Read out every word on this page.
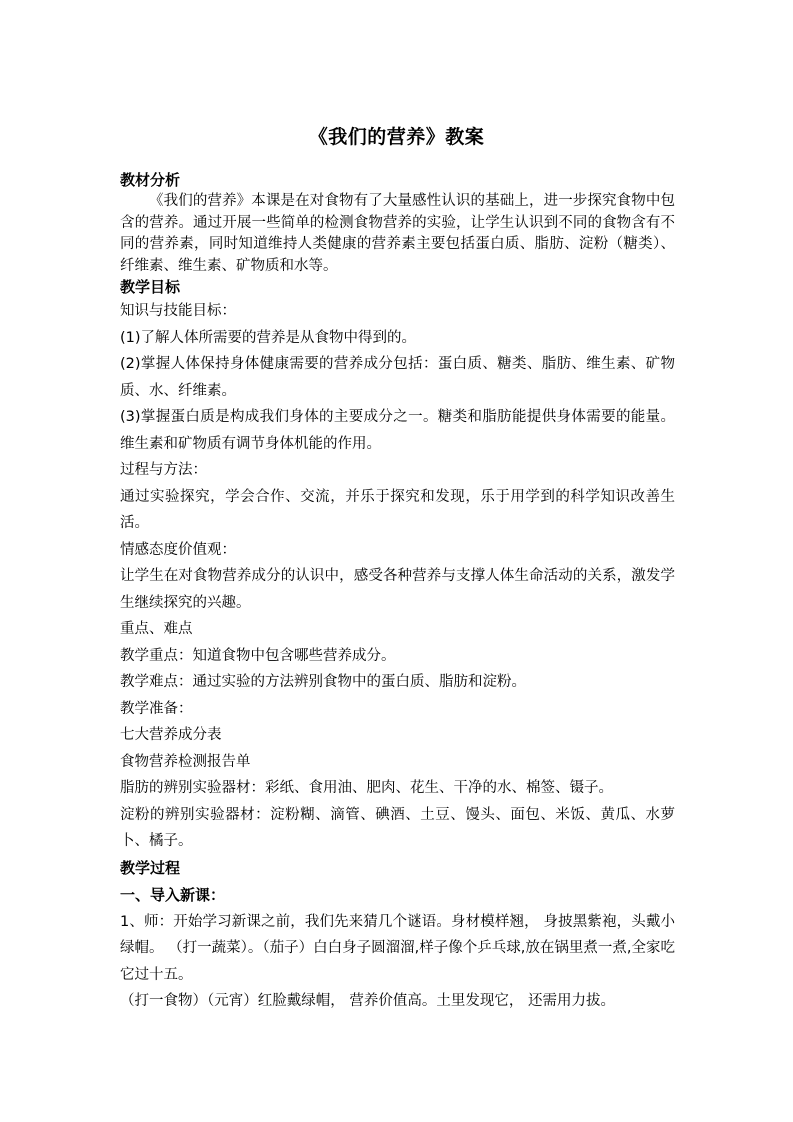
《我们的营养》教案

教材分析

《我们的营养》本课是在对食物有了大量感性认识的基础上，进一步探究食物中包含的营养。通过开展一些简单的检测食物营养的实验，让学生认识到不同的食物含有不同的营养素，同时知道维持人类健康的营养素主要包括蛋白质、脂肪、淀粉（糖类）、纤维素、维生素、矿物质和水等。

教学目标

知识与技能目标：

(1)了解人体所需要的营养是从食物中得到的。

(2)掌握人体保持身体健康需要的营养成分包括：蛋白质、糖类、脂肪、维生素、矿物质、水、纤维素。

(3)掌握蛋白质是构成我们身体的主要成分之一。糖类和脂肪能提供身体需要的能量。维生素和矿物质有调节身体机能的作用。

过程与方法：

通过实验探究，学会合作、交流，并乐于探究和发现，乐于用学到的科学知识改善生活。

情感态度价值观：

让学生在对食物营养成分的认识中，感受各种营养与支撑人体生命活动的关系，激发学生继续探究的兴趣。

重点、难点

教学重点：知道食物中包含哪些营养成分。

教学难点：通过实验的方法辨别食物中的蛋白质、脂肪和淀粉。

教学准备：

七大营养成分表

食物营养检测报告单

脂肪的辨别实验器材：彩纸、食用油、肥肉、花生、干净的水、棉签、镊子。

淀粉的辨别实验器材：淀粉糊、滴管、碘酒、土豆、馒头、面包、米饭、黄瓜、水萝卜、橘子。

教学过程

一、导入新课：

1、师：开始学习新课之前，我们先来猜几个谜语。身材模样翘， 身披黑紫袍，头戴小绿帽。 （打一蔬菜）。（茄子）白白身子圆溜溜,样子像个乒乓球,放在锅里煮一煮,全家吃它过十五。

（打一食物）（元宵）红脸戴绿帽， 营养价值高。土里发现它， 还需用力拔。
